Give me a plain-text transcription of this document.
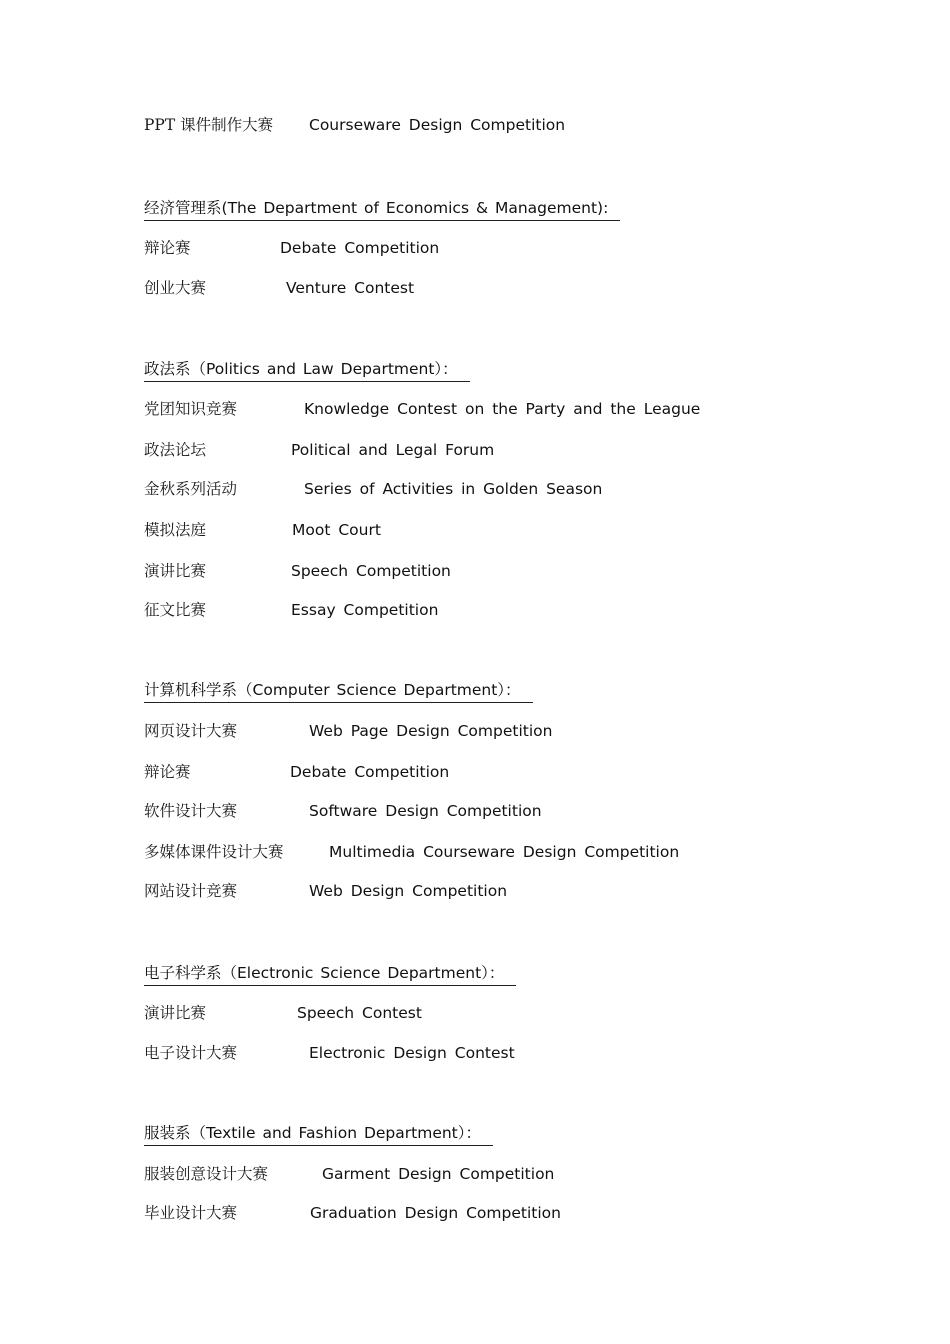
PPT 课件制作大赛 Courseware Design Competition
经济管理系(The Department of Economics & Management):
辩论赛	Debate Competition
创业大赛	Venture Contest
政法系（Politics and Law Department）：
党团知识竞赛	Knowledge Contest on the Party and the League
政法论坛	Political and Legal Forum
金秋系列活动	Series of Activities in Golden Season
模拟法庭	Moot Court
演讲比赛	Speech Competition
征文比赛	Essay Competition
计算机科学系（Computer Science Department）：
网页设计大赛	Web Page Design Competition
辩论赛	Debate Competition
软件设计大赛	Software Design Competition
多媒体课件设计大赛	Multimedia Courseware Design Competition
网站设计竞赛	Web Design Competition
电子科学系（Electronic Science Department）：
演讲比赛	Speech Contest
电子设计大赛	Electronic Design Contest
服装系（Textile and Fashion Department）：
服装创意设计大赛	Garment Design Competition
毕业设计大赛	Graduation Design Competition
